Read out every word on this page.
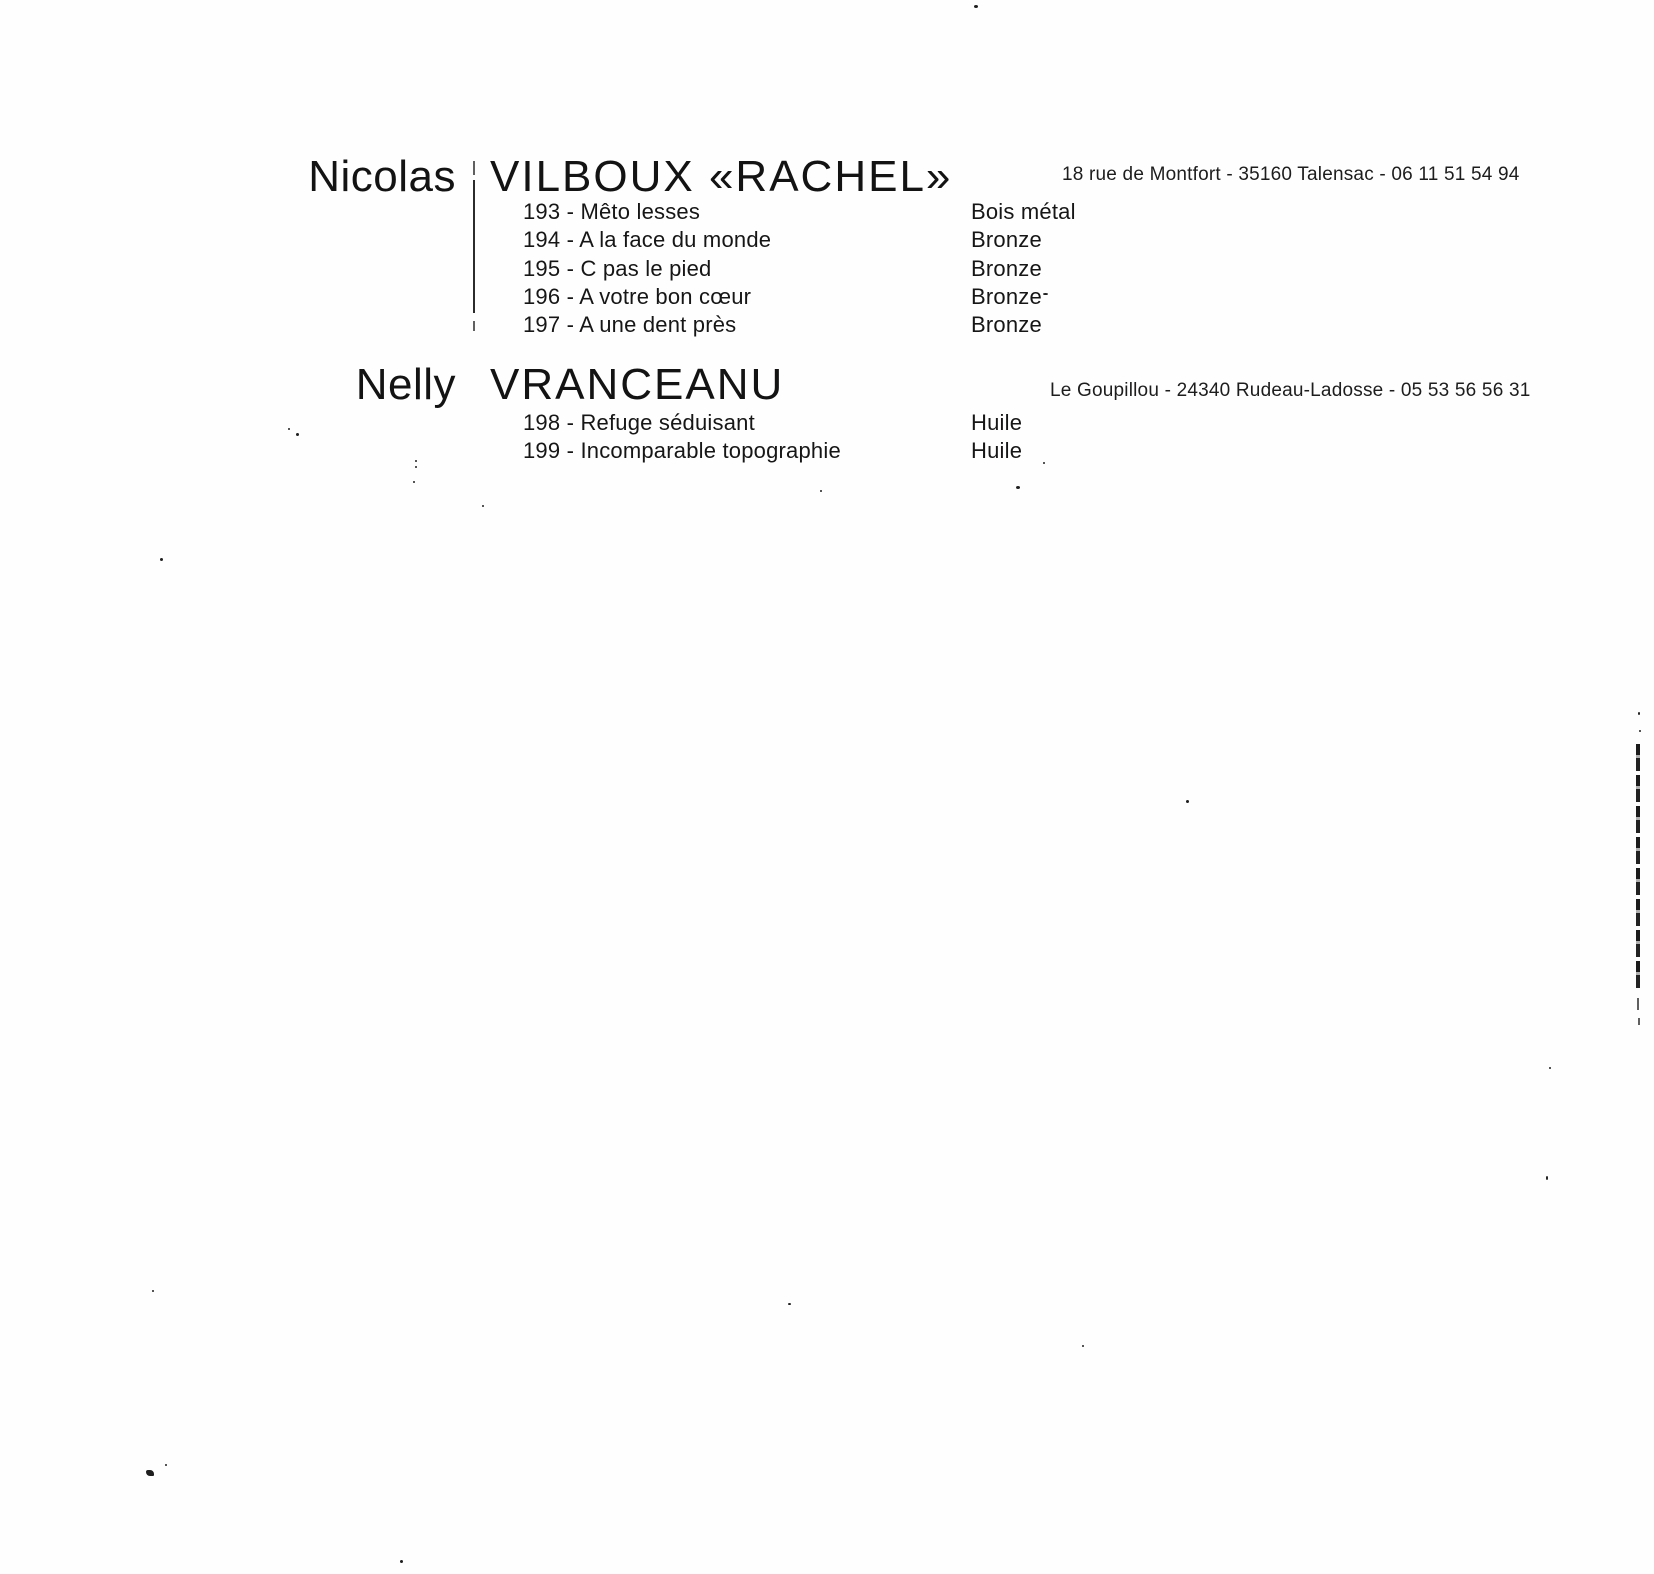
Nicolas VILBOUX «RACHEL»	18 rue de Montfort - 35160 Talensac - 06 11 51 54 94
193 - Mêto lesses	Bois métal
194 - A la face du monde	Bronze
195 - C pas le pied	Bronze
196 - A votre bon cœur	Bronze
197 - A une dent près	Bronze
Nelly VRANCEANU	Le Goupillou - 24340 Rudeau-Ladosse - 05 53 56 56 31
198 - Refuge séduisant	Huile
199 - Incomparable topographie	Huile
